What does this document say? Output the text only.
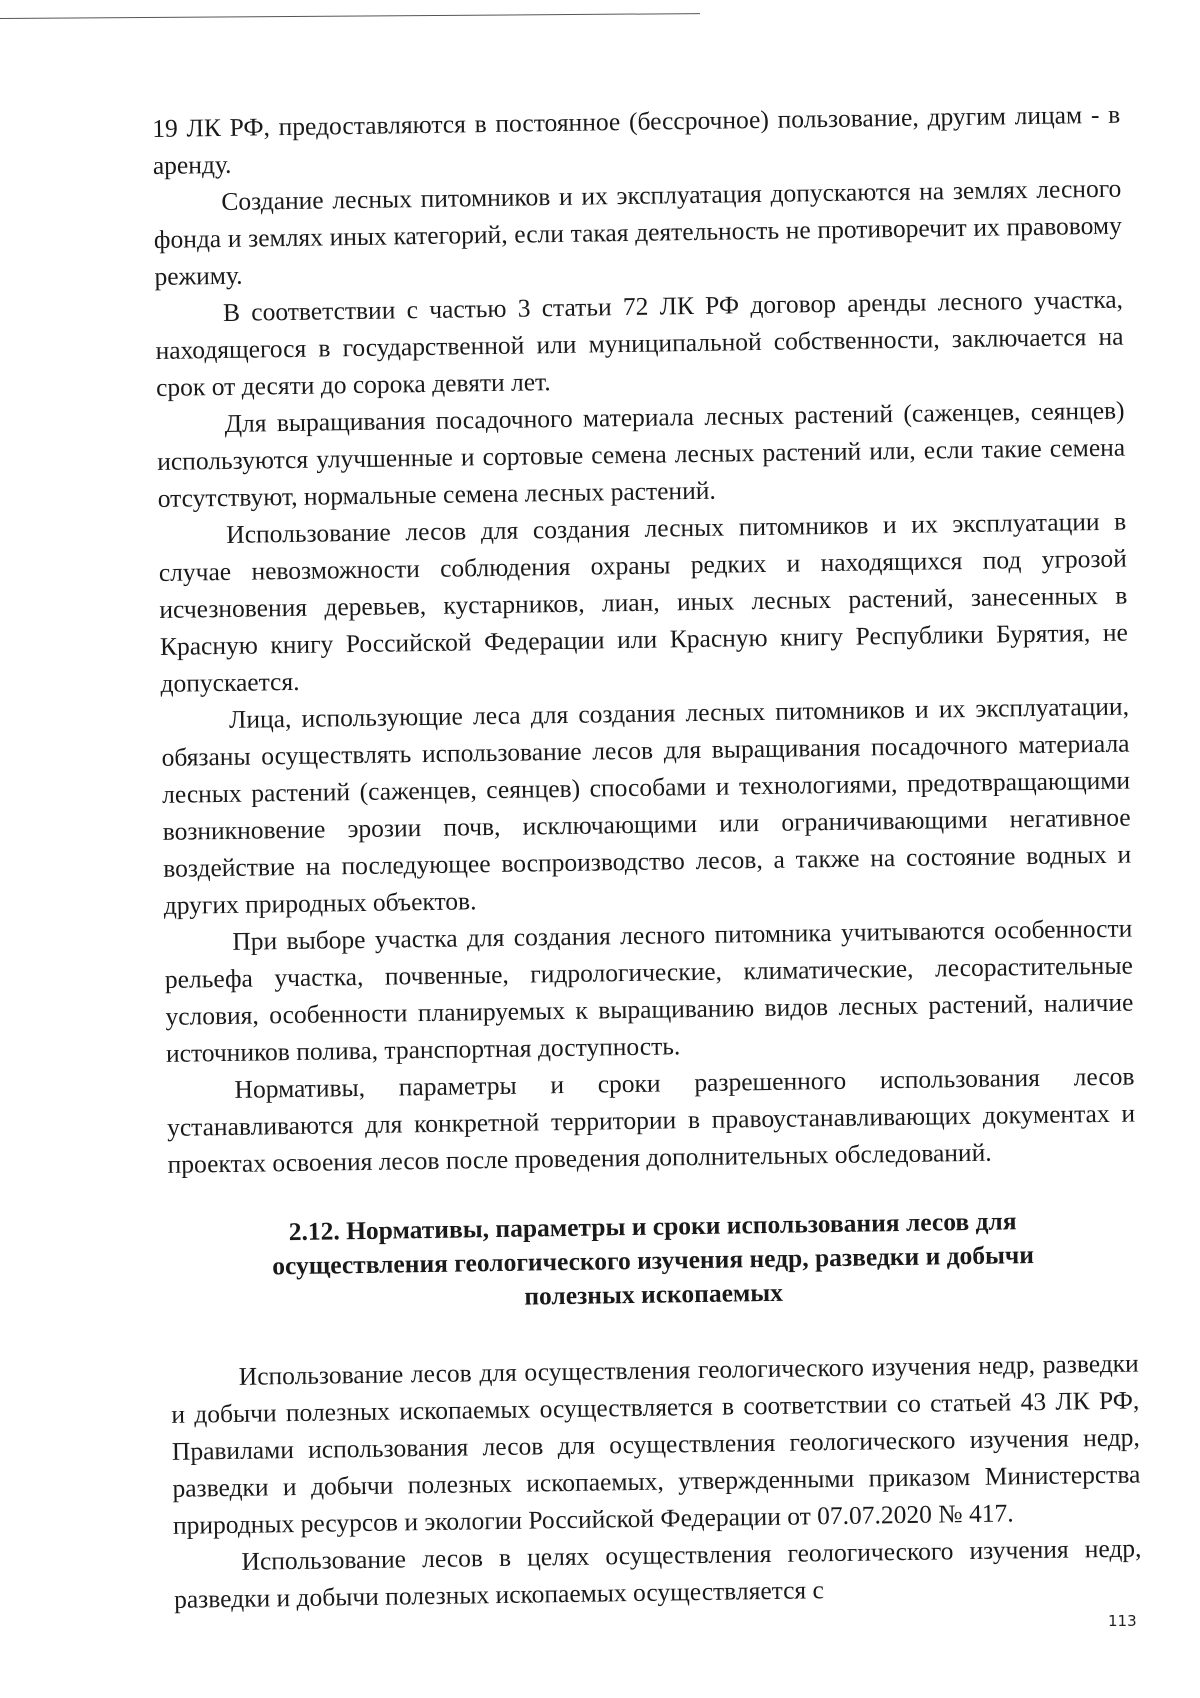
19 ЛК РФ, предоставляются в постоянное (бессрочное) пользование, другим лицам - в аренду.

Создание лесных питомников и их эксплуатация допускаются на землях лесного фонда и землях иных категорий, если такая деятельность не противоречит их правовому режиму.

В соответствии с частью 3 статьи 72 ЛК РФ договор аренды лесного участка, находящегося в государственной или муниципальной собственности, заключается на срок от десяти до сорока девяти лет.

Для выращивания посадочного материала лесных растений (саженцев, сеянцев) используются улучшенные и сортовые семена лесных растений или, если такие семена отсутствуют, нормальные семена лесных растений.

Использование лесов для создания лесных питомников и их эксплуатации в случае невозможности соблюдения охраны редких и находящихся под угрозой исчезновения деревьев, кустарников, лиан, иных лесных растений, занесенных в Красную книгу Российской Федерации или Красную книгу Республики Бурятия, не допускается.

Лица, использующие леса для создания лесных питомников и их эксплуатации, обязаны осуществлять использование лесов для выращивания посадочного материала лесных растений (саженцев, сеянцев) способами и технологиями, предотвращающими возникновение эрозии почв, исключающими или ограничивающими негативное воздействие на последующее воспроизводство лесов, а также на состояние водных и других природных объектов.

При выборе участка для создания лесного питомника учитываются особенности рельефа участка, почвенные, гидрологические, климатические, лесорастительные условия, особенности планируемых к выращиванию видов лесных растений, наличие источников полива, транспортная доступность.

Нормативы, параметры и сроки разрешенного использования лесов устанавливаются для конкретной территории в правоустанавливающих документах и проектах освоения лесов после проведения дополнительных обследований.

2.12. Нормативы, параметры и сроки использования лесов для
осуществления геологического изучения недр, разведки и добычи
полезных ископаемых

Использование лесов для осуществления геологического изучения недр, разведки и добычи полезных ископаемых осуществляется в соответствии со статьей 43 ЛК РФ, Правилами использования лесов для осуществления геологического изучения недр, разведки и добычи полезных ископаемых, утвержденными приказом Министерства природных ресурсов и экологии Российской Федерации от 07.07.2020 № 417.

Использование лесов в целях осуществления геологического изучения недр, разведки и добычи полезных ископаемых осуществляется с

113
